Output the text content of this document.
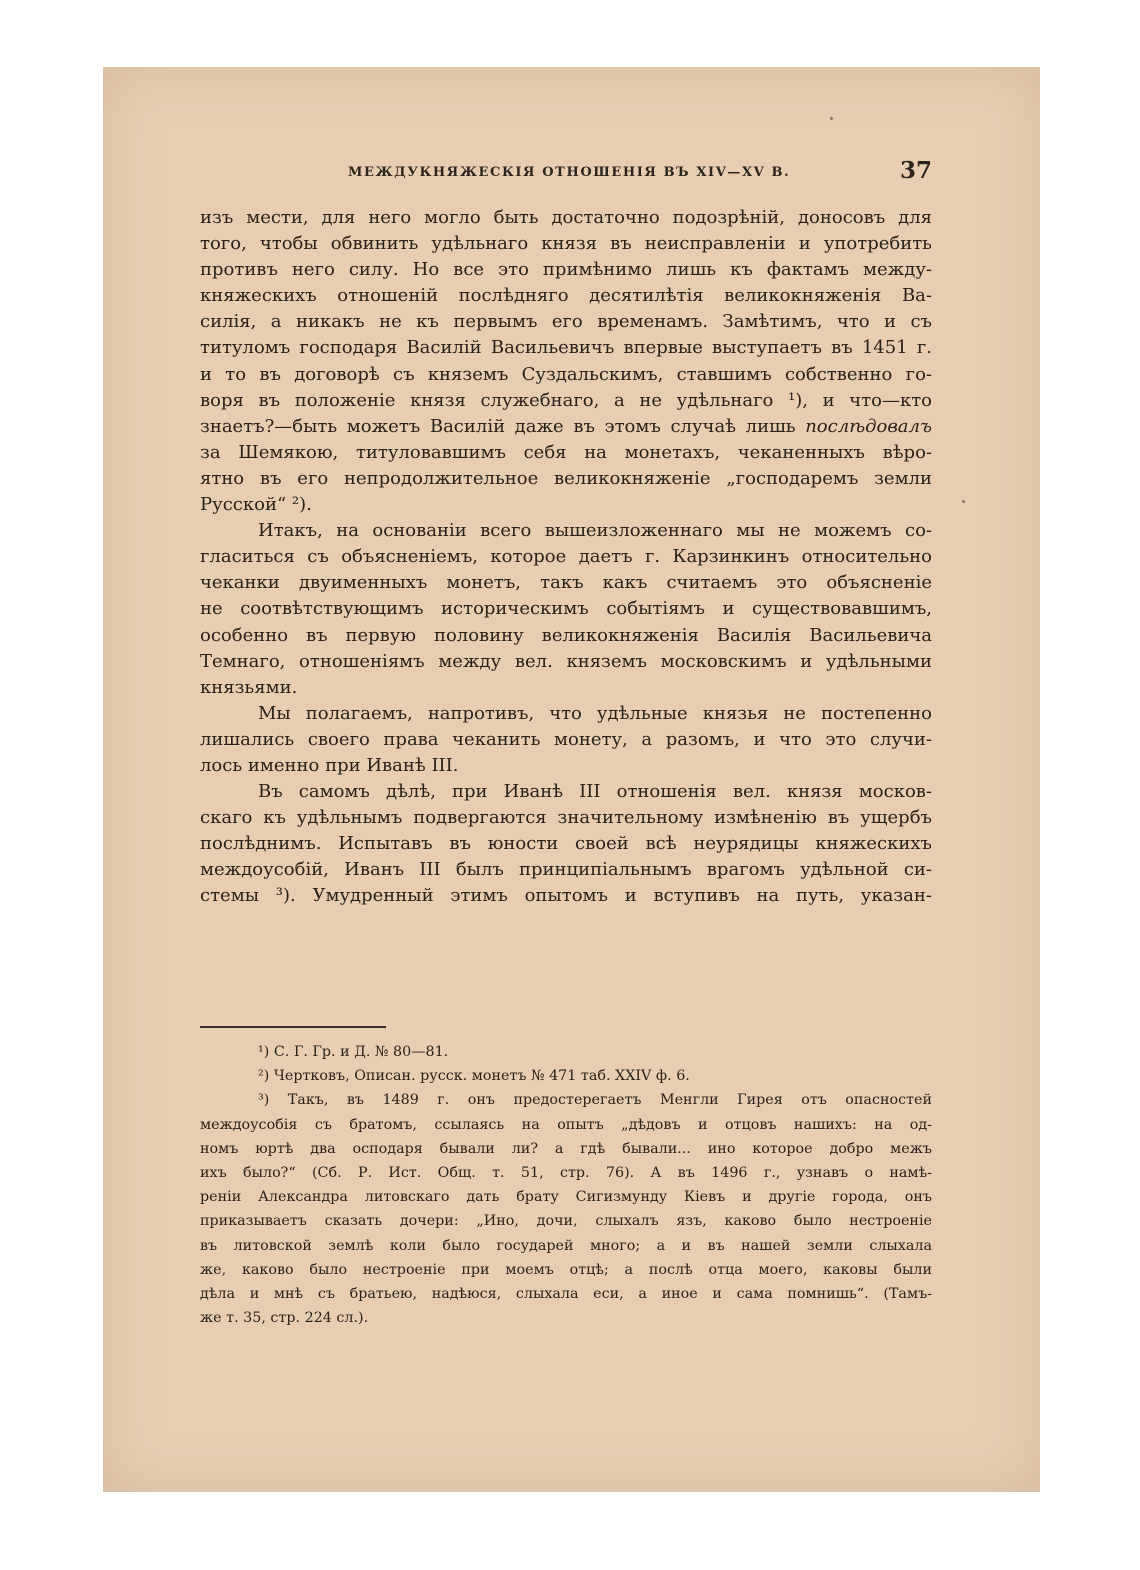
МЕЖДУКНЯЖЕСКІЯ ОТНОШЕНІЯ ВЪ XIV—XV В.	37

изъ мести, для него могло быть достаточно подозрѣній, доносовъ для
того, чтобы обвинить удѣльнаго князя въ неисправленіи и употребить
противъ него силу. Но все это примѣнимо лишь къ фактамъ между-
княжескихъ отношеній послѣдняго десятилѣтія великокняженія Ва-
силія, а никакъ не къ первымъ его временамъ. Замѣтимъ, что и съ
титуломъ господаря Василій Васильевичъ впервые выступаетъ въ 1451 г.
и то въ договорѣ съ княземъ Суздальскимъ, ставшимъ собственно го-
воря въ положеніе князя служебнаго, а не удѣльнаго ¹), и что—кто
знаетъ?—быть можетъ Василій даже въ этомъ случаѣ лишь послѣдовалъ
за Шемякою, титуловавшимъ себя на монетахъ, чеканенныхъ вѣро-
ятно въ его непродолжительное великокняженіе „господаремъ земли
Русской“ ²).

Итакъ, на основаніи всего вышеизложеннаго мы не можемъ со-
гласиться съ объясненіемъ, которое даетъ г. Карзинкинъ относительно
чеканки двуименныхъ монетъ, такъ какъ считаемъ это объясненіе
не соотвѣтствующимъ историческимъ событіямъ и существовавшимъ,
особенно въ первую половину великокняженія Василія Васильевича
Темнаго, отношеніямъ между вел. княземъ московскимъ и удѣльными
князьями.

Мы полагаемъ, напротивъ, что удѣльные князья не постепенно
лишались своего права чеканить монету, а разомъ, и что это случи-
лось именно при Иванѣ III.

Въ самомъ дѣлѣ, при Иванѣ III отношенія вел. князя москов-
скаго къ удѣльнымъ подвергаются значительному измѣненію въ ущербъ
послѣднимъ. Испытавъ въ юности своей всѣ неурядицы княжескихъ
междоусобій, Иванъ III былъ принципіальнымъ врагомъ удѣльной си-
стемы ³). Умудренный этимъ опытомъ и вступивъ на путь, указан-

¹) С. Г. Гр. и Д. № 80—81.

²) Чертковъ, Описан. русск. монетъ № 471 таб. XXIV ф. 6.

³) Такъ, въ 1489 г. онъ предостерегаетъ Менгли Гирея отъ опасностей
междоусобія съ братомъ, ссылаясь на опытъ „дѣдовъ и отцовъ нашихъ: на од-
номъ юртѣ два осподаря бывали ли? а гдѣ бывали... ино которое добро межъ
ихъ было?“ (Сб. Р. Ист. Общ. т. 51, стр. 76). А въ 1496 г., узнавъ о намѣ-
реніи Александра литовскаго дать брату Сигизмунду Кіевъ и другіе города, онъ
приказываетъ сказать дочери: „Ино, дочи, слыхалъ язъ, каково было нестроеніе
въ литовской землѣ коли было государей много; а и въ нашей земли слыхала
же, каково было нестроеніе при моемъ отцѣ; а послѣ отца моего, каковы были
дѣла и мнѣ съ братьею, надѣюся, слыхала еси, а иное и сама помнишь“. (Тамъ-
же т. 35, стр. 224 сл.).
